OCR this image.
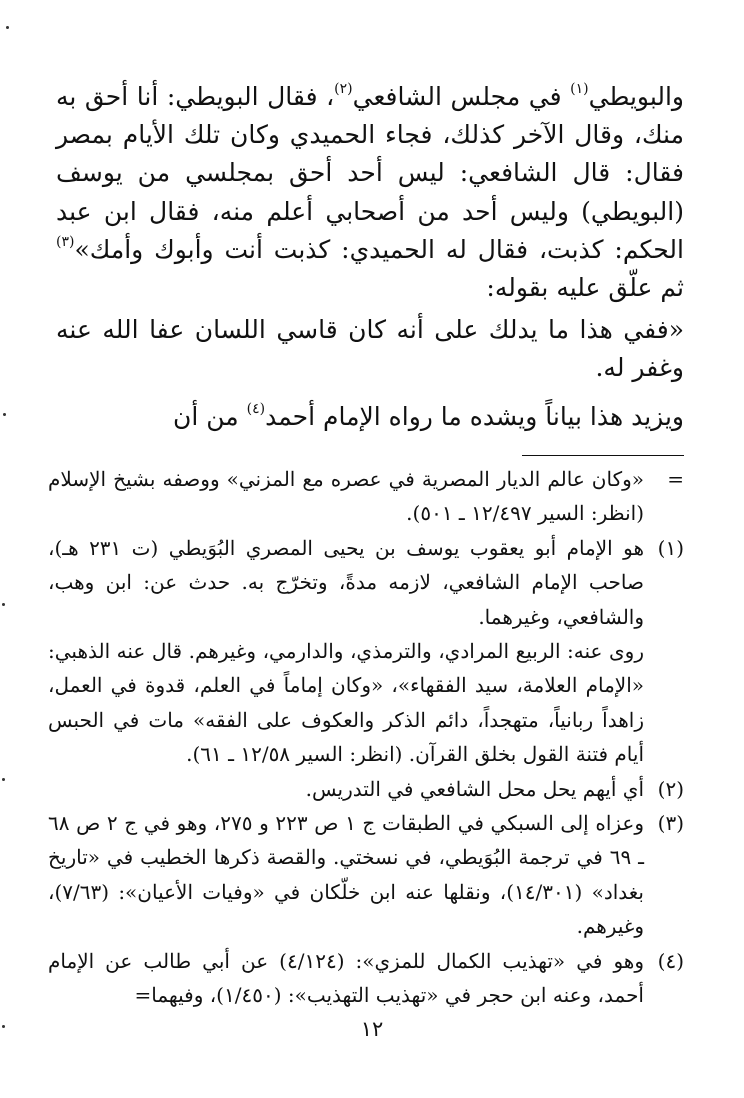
والبويطي$^{(١)}$ في مجلس الشافعي$^{(٢)}$، فقال البويطي: أنا أحق به منك، وقال الآخر كذلك، فجاء الحميدي وكان تلك الأيام بمصر فقال: قال الشافعي: ليس أحد أحق بمجلسي من يوسف (البويطي) وليس أحد من أصحابي أعلم منه، فقال ابن عبد الحكم: كذبت، فقال له الحميدي: كذبت أنت وأبوك وأمك»$^{(٣)}$ ثم علّق عليه بقوله:

«ففي هذا ما يدلك على أنه كان قاسي اللسان عفا الله عنه وغفر له.

ويزيد هذا بياناً ويشده ما رواه الإمام أحمد$^{(٤)}$ من أن

=

«وكان عالم الديار المصرية في عصره مع المزني» ووصفه بشيخ الإسلام (انظر: السير ١٢/٤٩٧ ـ ٥٠١).

(١)

هو الإمام أبو يعقوب يوسف بن يحيى المصري البُوَيطي (ت ٢٣١ هـ)، صاحب الإمام الشافعي، لازمه مدةً، وتخرّج به. حدث عن: ابن وهب، والشافعي، وغيرهما.

روى عنه: الربيع المرادي، والترمذي، والدارمي، وغيرهم. قال عنه الذهبي: «الإمام العلامة، سيد الفقهاء»، «وكان إماماً في العلم، قدوة في العمل، زاهداً ربانياً، متهجداً، دائم الذكر والعكوف على الفقه» مات في الحبس أيام فتنة القول بخلق القرآن. (انظر: السير ١٢/٥٨ ـ ٦١).

(٢)

أي أيهم يحل محل الشافعي في التدريس.

(٣)

وعزاه إلى السبكي في الطبقات ج ١ ص ٢٢٣ و ٢٧٥، وهو في ج ٢ ص ٦٨ ـ ٦٩ في ترجمة البُوَيطي، في نسختي. والقصة ذكرها الخطيب في «تاريخ بغداد» (١٤/٣٠١)، ونقلها عنه ابن خلّكان في «وفيات الأعيان»: (٧/٦٣)، وغيرهم.

(٤)

وهو في «تهذيب الكمال للمزي»: (٤/١٢٤) عن أبي طالب عن الإمام أحمد، وعنه ابن حجر في «تهذيب التهذيب»: (١/٤٥٠)، وفيهما=

١٢
